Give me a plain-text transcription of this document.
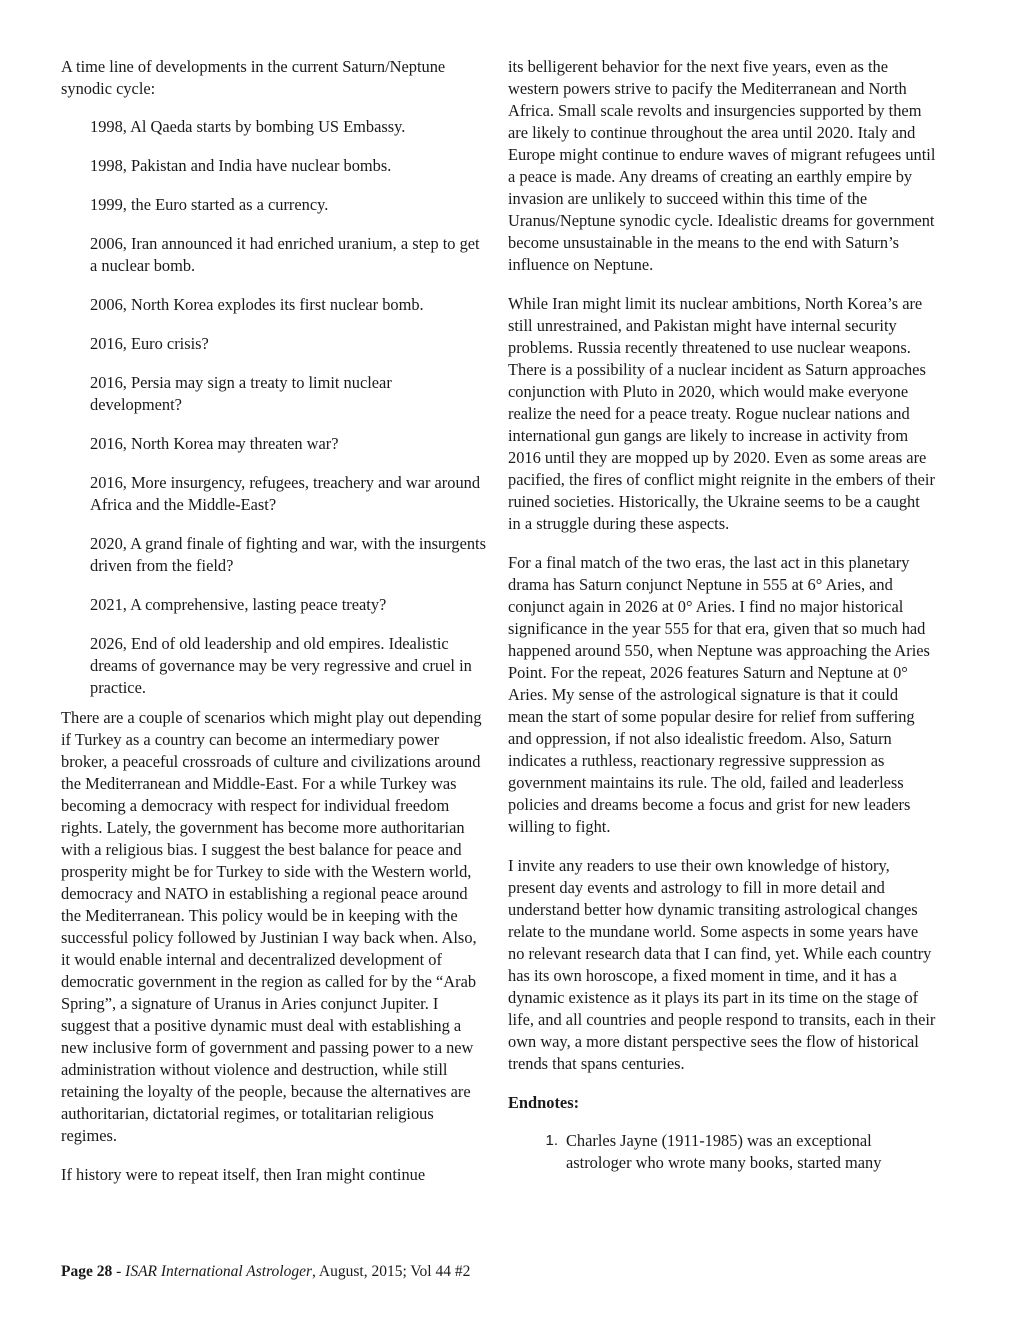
A time line of developments in the current Saturn/Neptune synodic cycle:

1998, Al Qaeda starts by bombing US Embassy.

1998, Pakistan and India have nuclear bombs.

1999, the Euro started as a currency.

2006, Iran announced it had enriched uranium, a step to get a nuclear bomb.

2006, North Korea explodes its first nuclear bomb.

2016, Euro crisis?

2016, Persia may sign a treaty to limit nuclear development?

2016, North Korea may threaten war?

2016, More insurgency, refugees, treachery and war around Africa and the Middle-East?

2020, A grand finale of fighting and war, with the insurgents driven from the field?

2021, A comprehensive, lasting peace treaty?

2026, End of old leadership and old empires. Idealistic dreams of governance may be very regressive and cruel in practice.

There are a couple of scenarios which might play out depending if Turkey as a country can become an intermediary power broker, a peaceful crossroads of culture and civilizations around the Mediterranean and Middle-East. For a while Turkey was becoming a democracy with respect for individual freedom rights. Lately, the government has become more authoritarian with a religious bias. I suggest the best balance for peace and prosperity might be for Turkey to side with the Western world, democracy and NATO in establishing a regional peace around the Mediterranean. This policy would be in keeping with the successful policy followed by Justinian I way back when. Also, it would enable internal and decentralized development of democratic government in the region as called for by the “Arab Spring”, a signature of Uranus in Aries conjunct Jupiter. I suggest that a positive dynamic must deal with establishing a new inclusive form of government and passing power to a new administration without violence and destruction, while still retaining the loyalty of the people, because the alternatives are authoritarian, dictatorial regimes, or totalitarian religious regimes.

If history were to repeat itself, then Iran might continue

its belligerent behavior for the next five years, even as the western powers strive to pacify the Mediterranean and North Africa. Small scale revolts and insurgencies supported by them are likely to continue throughout the area until 2020. Italy and Europe might continue to endure waves of migrant refugees until a peace is made. Any dreams of creating an earthly empire by invasion are unlikely to succeed within this time of the Uranus/Neptune synodic cycle. Idealistic dreams for government become unsustainable in the means to the end with Saturn’s influence on Neptune.

While Iran might limit its nuclear ambitions, North Korea’s are still unrestrained, and Pakistan might have internal security problems. Russia recently threatened to use nuclear weapons. There is a possibility of a nuclear incident as Saturn approaches conjunction with Pluto in 2020, which would make everyone realize the need for a peace treaty. Rogue nuclear nations and international gun gangs are likely to increase in activity from 2016 until they are mopped up by 2020. Even as some areas are pacified, the fires of conflict might reignite in the embers of their ruined societies. Historically, the Ukraine seems to be a caught in a struggle during these aspects.

For a final match of the two eras, the last act in this planetary drama has Saturn conjunct Neptune in 555 at 6° Aries, and conjunct again in 2026 at 0° Aries. I find no major historical significance in the year 555 for that era, given that so much had happened around 550, when Neptune was approaching the Aries Point. For the repeat, 2026 features Saturn and Neptune at 0° Aries. My sense of the astrological signature is that it could mean the start of some popular desire for relief from suffering and oppression, if not also idealistic freedom. Also, Saturn indicates a ruthless, reactionary regressive suppression as government maintains its rule. The old, failed and leaderless policies and dreams become a focus and grist for new leaders willing to fight.

I invite any readers to use their own knowledge of history, present day events and astrology to fill in more detail and understand better how dynamic transiting astrological changes relate to the mundane world. Some aspects in some years have no relevant research data that I can find, yet. While each country has its own horoscope, a fixed moment in time, and it has a dynamic existence as it plays its part in its time on the stage of life, and all countries and people respond to transits, each in their own way, a more distant perspective sees the flow of historical trends that spans centuries.

Endnotes:

1. Charles Jayne (1911-1985) was an exceptional astrologer who wrote many books, started many
Page 28 - ISAR International Astrologer, August, 2015; Vol 44 #2
